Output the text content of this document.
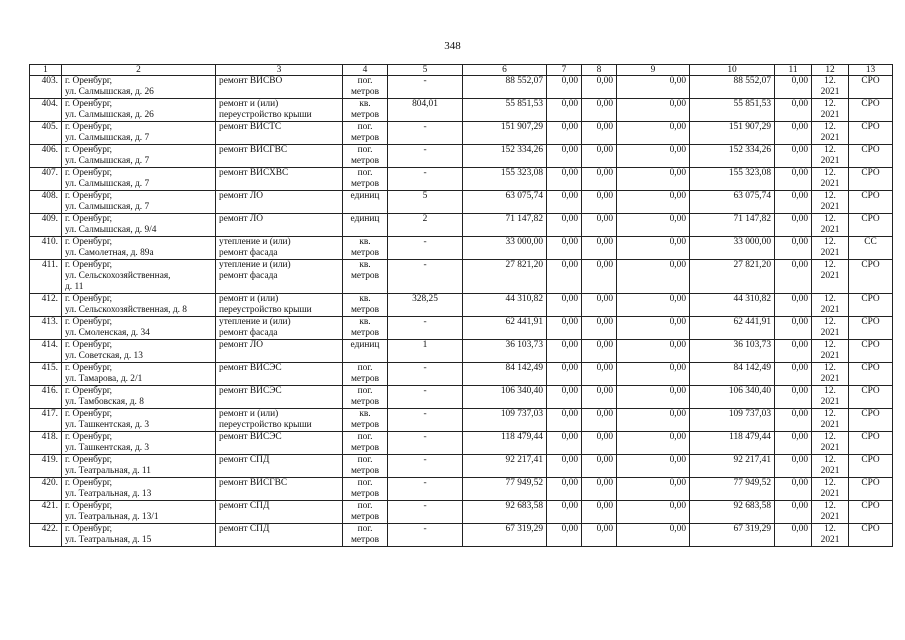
348
1	2	3	4	5	6	7	8	9	10	11	12	13
403.	г. Оренбург,
ул. Салмышская, д. 26	ремонт ВИСВО	пог.
метров	-	88 552,07	0,00	0,00	0,00	88 552,07	0,00	12.
2021	СРО
404.	г. Оренбург,
ул. Салмышская, д. 26	ремонт и (или)
переустройство крыши	кв.
метров	804,01	55 851,53	0,00	0,00	0,00	55 851,53	0,00	12.
2021	СРО
405.	г. Оренбург,
ул. Салмышская, д. 7	ремонт ВИСТС	пог.
метров	-	151 907,29	0,00	0,00	0,00	151 907,29	0,00	12.
2021	СРО
406.	г. Оренбург,
ул. Салмышская, д. 7	ремонт ВИСГВС	пог.
метров	-	152 334,26	0,00	0,00	0,00	152 334,26	0,00	12.
2021	СРО
407.	г. Оренбург,
ул. Салмышская, д. 7	ремонт ВИСХВС	пог.
метров	-	155 323,08	0,00	0,00	0,00	155 323,08	0,00	12.
2021	СРО
408.	г. Оренбург,
ул. Салмышская, д. 7	ремонт ЛО	единиц	5	63 075,74	0,00	0,00	0,00	63 075,74	0,00	12.
2021	СРО
409.	г. Оренбург,
ул. Салмышская, д. 9/4	ремонт ЛО	единиц	2	71 147,82	0,00	0,00	0,00	71 147,82	0,00	12.
2021	СРО
410.	г. Оренбург,
ул. Самолетная, д. 89а	утепление и (или)
ремонт фасада	кв.
метров	-	33 000,00	0,00	0,00	0,00	33 000,00	0,00	12.
2021	СС
411.	г. Оренбург,
ул. Сельскохозяйственная,
д. 11	утепление и (или)
ремонт фасада	кв.
метров	-	27 821,20	0,00	0,00	0,00	27 821,20	0,00	12.
2021	СРО
412.	г. Оренбург,
ул. Сельскохозяйственная, д. 8	ремонт и (или)
переустройство крыши	кв.
метров	328,25	44 310,82	0,00	0,00	0,00	44 310,82	0,00	12.
2021	СРО
413.	г. Оренбург,
ул. Смоленская, д. 34	утепление и (или)
ремонт фасада	кв.
метров	-	62 441,91	0,00	0,00	0,00	62 441,91	0,00	12.
2021	СРО
414.	г. Оренбург,
ул. Советская, д. 13	ремонт ЛО	единиц	1	36 103,73	0,00	0,00	0,00	36 103,73	0,00	12.
2021	СРО
415.	г. Оренбург,
ул. Тамарова, д. 2/1	ремонт ВИСЭС	пог.
метров	-	84 142,49	0,00	0,00	0,00	84 142,49	0,00	12.
2021	СРО
416.	г. Оренбург,
ул. Тамбовская, д. 8	ремонт ВИСЭС	пог.
метров	-	106 340,40	0,00	0,00	0,00	106 340,40	0,00	12.
2021	СРО
417.	г. Оренбург,
ул. Ташкентская, д. 3	ремонт и (или)
переустройство крыши	кв.
метров	-	109 737,03	0,00	0,00	0,00	109 737,03	0,00	12.
2021	СРО
418.	г. Оренбург,
ул. Ташкентская, д. 3	ремонт ВИСЭС	пог.
метров	-	118 479,44	0,00	0,00	0,00	118 479,44	0,00	12.
2021	СРО
419.	г. Оренбург,
ул. Театральная, д. 11	ремонт СПД	пог.
метров	-	92 217,41	0,00	0,00	0,00	92 217,41	0,00	12.
2021	СРО
420.	г. Оренбург,
ул. Театральная, д. 13	ремонт ВИСГВС	пог.
метров	-	77 949,52	0,00	0,00	0,00	77 949,52	0,00	12.
2021	СРО
421.	г. Оренбург,
ул. Театральная, д. 13/1	ремонт СПД	пог.
метров	-	92 683,58	0,00	0,00	0,00	92 683,58	0,00	12.
2021	СРО
422.	г. Оренбург,
ул. Театральная, д. 15	ремонт СПД	пог.
метров	-	67 319,29	0,00	0,00	0,00	67 319,29	0,00	12.
2021	СРО
